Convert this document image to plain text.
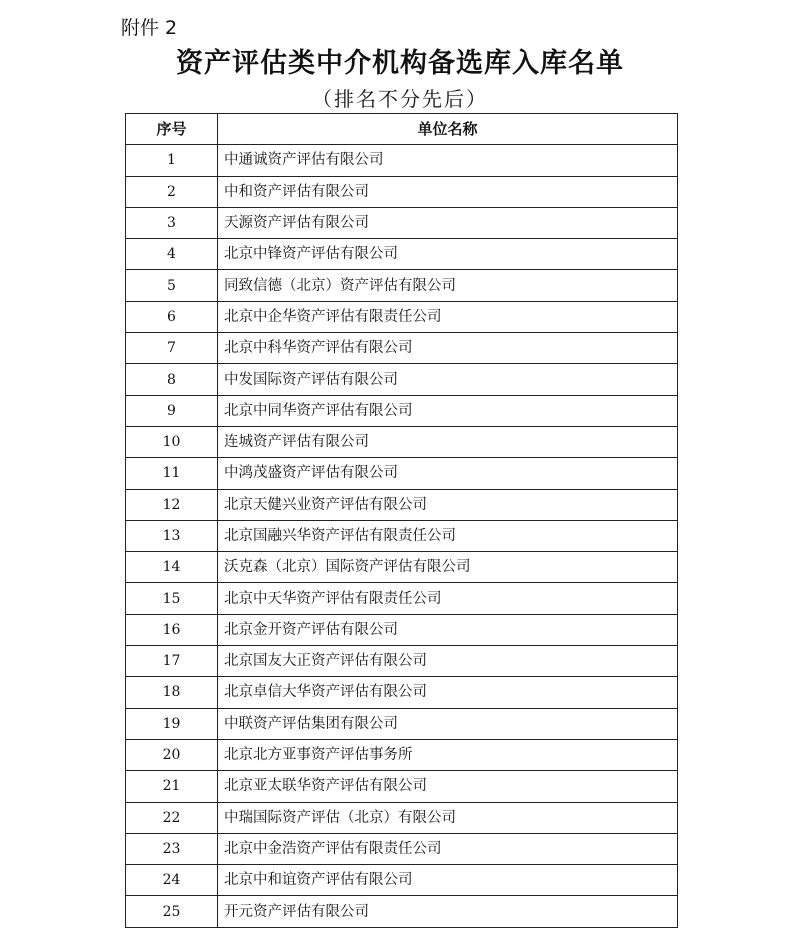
附件 2
资产评估类中介机构备选库入库名单
（排名不分先后）
序号	单位名称
1	中通诚资产评估有限公司
2	中和资产评估有限公司
3	天源资产评估有限公司
4	北京中锋资产评估有限公司
5	同致信德（北京）资产评估有限公司
6	北京中企华资产评估有限责任公司
7	北京中科华资产评估有限公司
8	中发国际资产评估有限公司
9	北京中同华资产评估有限公司
10	连城资产评估有限公司
11	中鸿茂盛资产评估有限公司
12	北京天健兴业资产评估有限公司
13	北京国融兴华资产评估有限责任公司
14	沃克森（北京）国际资产评估有限公司
15	北京中天华资产评估有限责任公司
16	北京金开资产评估有限公司
17	北京国友大正资产评估有限公司
18	北京卓信大华资产评估有限公司
19	中联资产评估集团有限公司
20	北京北方亚事资产评估事务所
21	北京亚太联华资产评估有限公司
22	中瑞国际资产评估（北京）有限公司
23	北京中金浩资产评估有限责任公司
24	北京中和谊资产评估有限公司
25	开元资产评估有限公司
